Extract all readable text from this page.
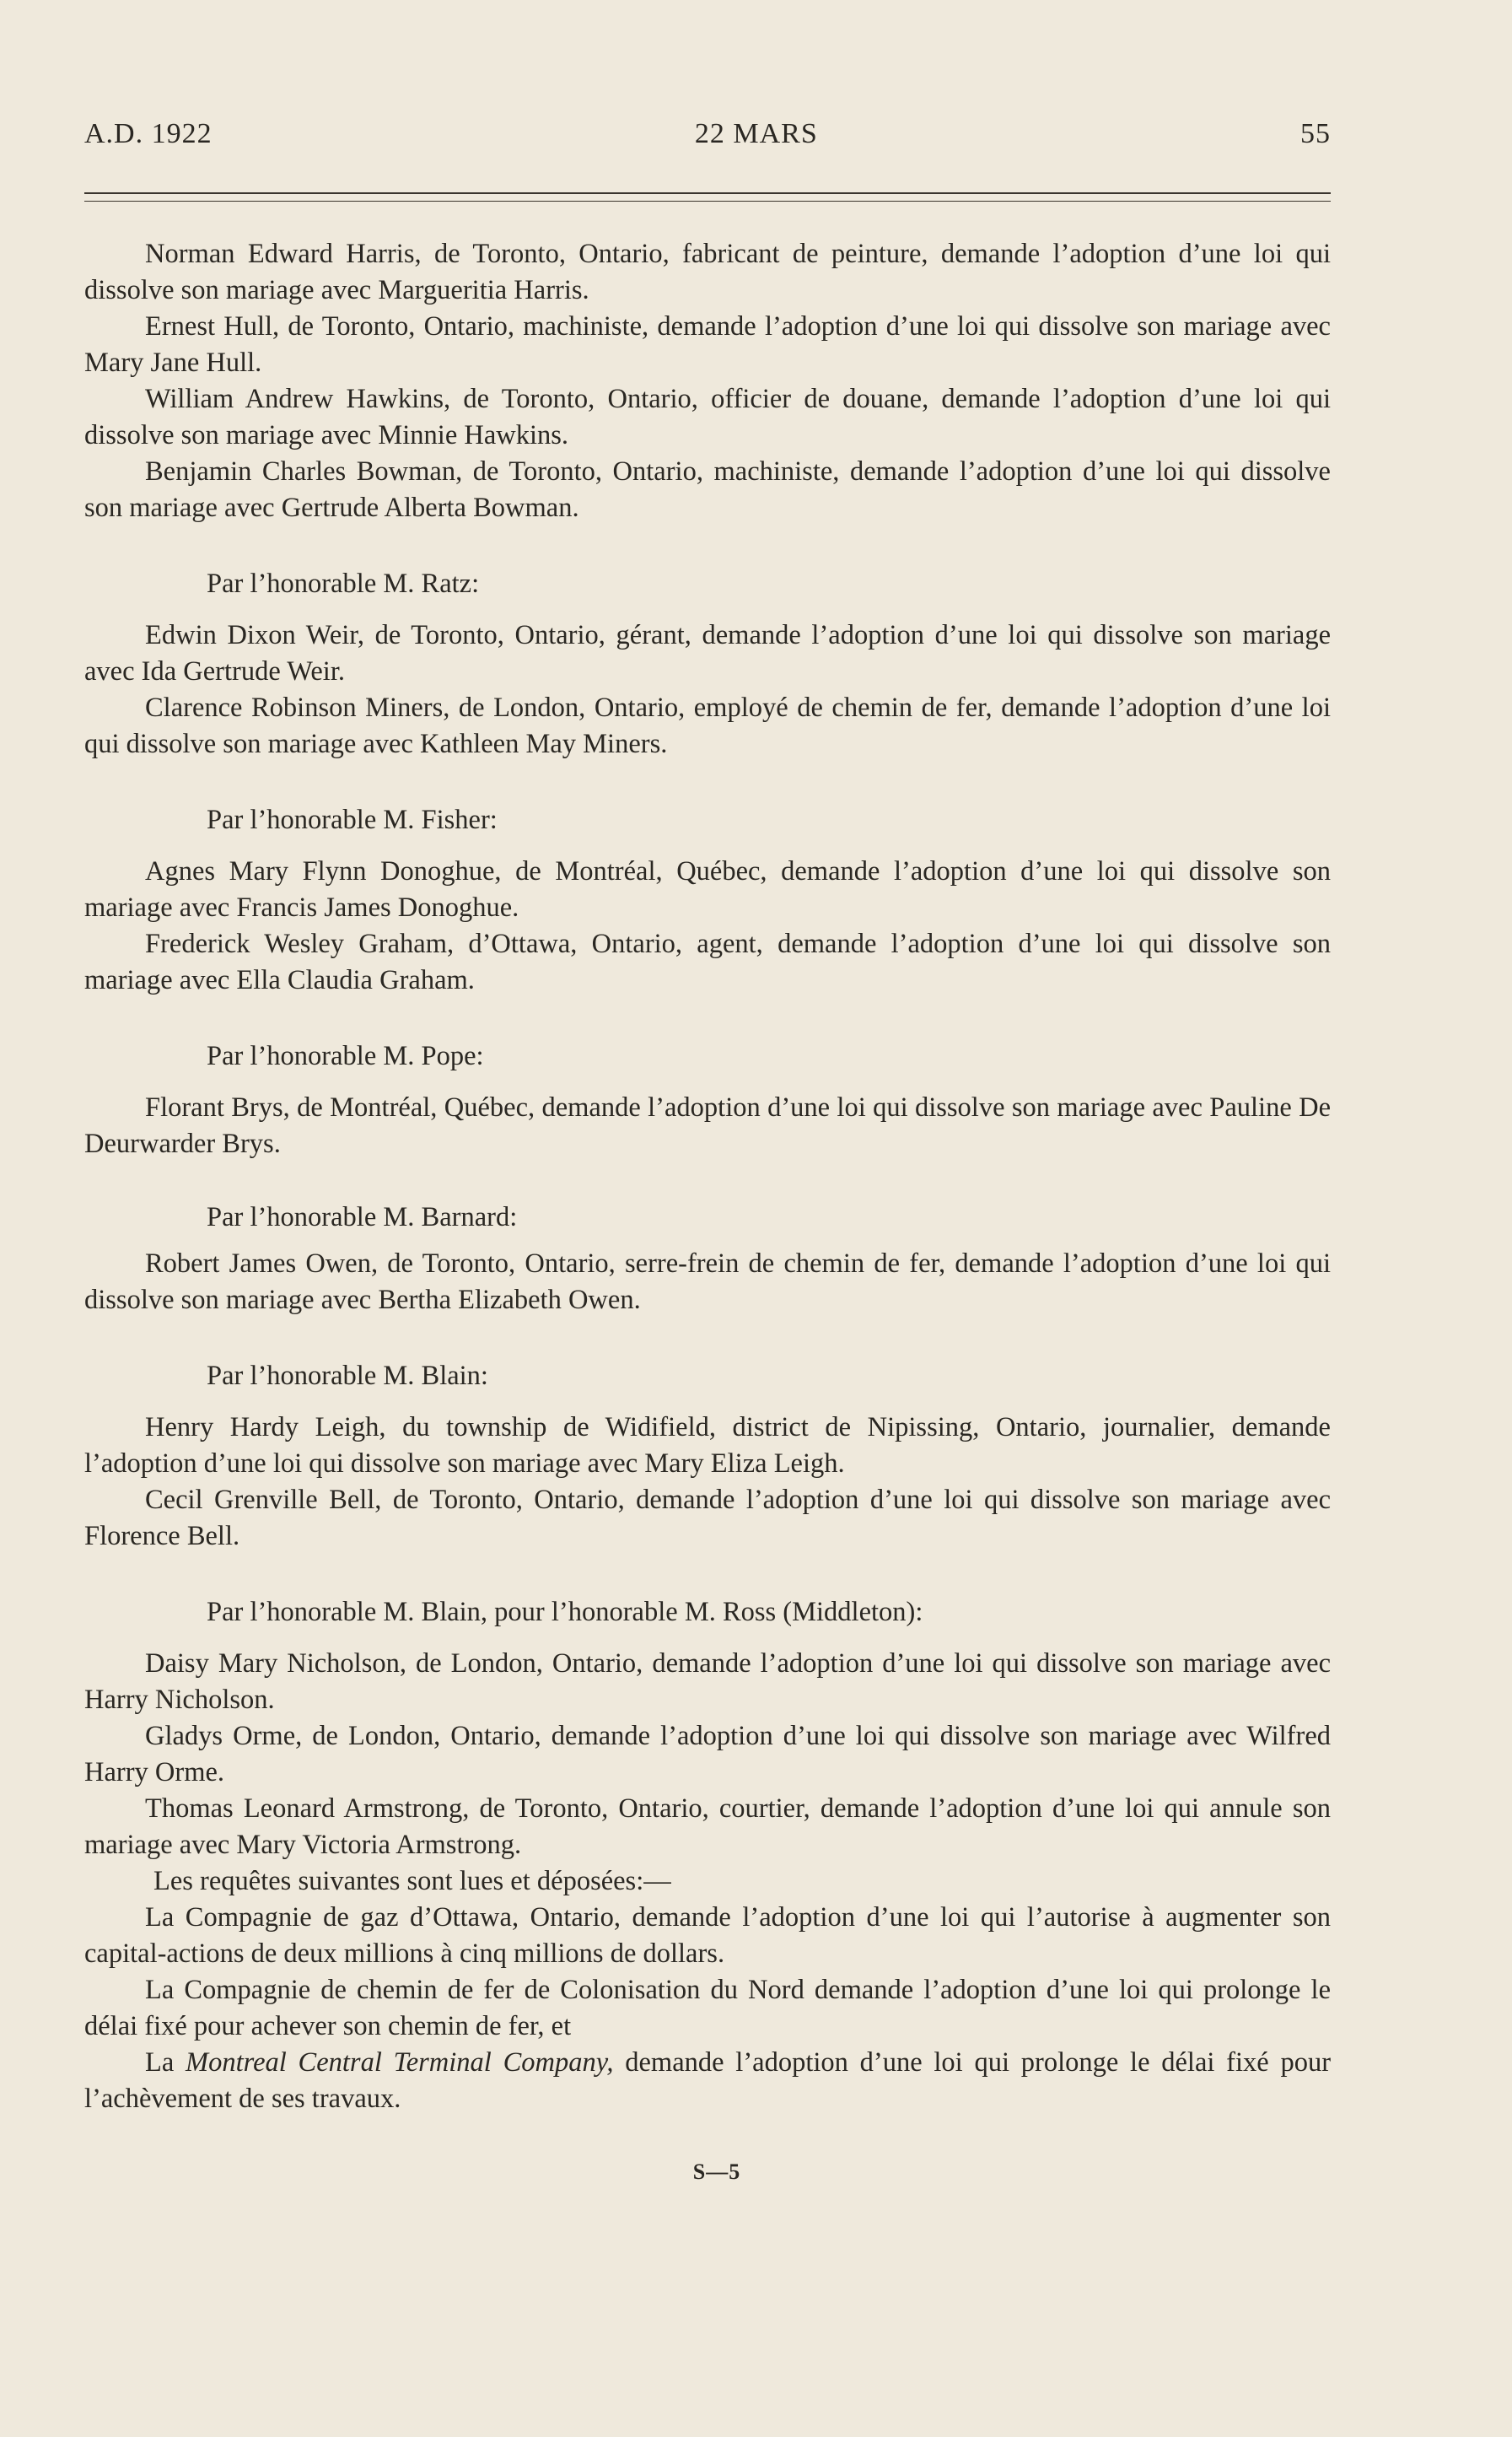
A.D. 1922	22 MARS	55

Norman Edward Harris, de Toronto, Ontario, fabricant de peinture, demande l’adoption d’une loi qui dissolve son mariage avec Margueritia Harris.

Ernest Hull, de Toronto, Ontario, machiniste, demande l’adoption d’une loi qui dissolve son mariage avec Mary Jane Hull.

William Andrew Hawkins, de Toronto, Ontario, officier de douane, demande l’adoption d’une loi qui dissolve son mariage avec Minnie Hawkins.

Benjamin Charles Bowman, de Toronto, Ontario, machiniste, demande l’adoption d’une loi qui dissolve son mariage avec Gertrude Alberta Bowman.

Par l’honorable M. Ratz:

Edwin Dixon Weir, de Toronto, Ontario, gérant, demande l’adoption d’une loi qui dissolve son mariage avec Ida Gertrude Weir.

Clarence Robinson Miners, de London, Ontario, employé de chemin de fer, demande l’adoption d’une loi qui dissolve son mariage avec Kathleen May Miners.

Par l’honorable M. Fisher:

Agnes Mary Flynn Donoghue, de Montréal, Québec, demande l’adoption d’une loi qui dissolve son mariage avec Francis James Donoghue.

Frederick Wesley Graham, d’Ottawa, Ontario, agent, demande l’adoption d’une loi qui dissolve son mariage avec Ella Claudia Graham.

Par l’honorable M. Pope:

Florant Brys, de Montréal, Québec, demande l’adoption d’une loi qui dissolve son mariage avec Pauline De Deurwarder Brys.

Par l’honorable M. Barnard:

Robert James Owen, de Toronto, Ontario, serre-frein de chemin de fer, demande l’adoption d’une loi qui dissolve son mariage avec Bertha Elizabeth Owen.

Par l’honorable M. Blain:

Henry Hardy Leigh, du township de Widifield, district de Nipissing, Ontario, journalier, demande l’adoption d’une loi qui dissolve son mariage avec Mary Eliza Leigh.

Cecil Grenville Bell, de Toronto, Ontario, demande l’adoption d’une loi qui dissolve son mariage avec Florence Bell.

Par l’honorable M. Blain, pour l’honorable M. Ross (Middleton):

Daisy Mary Nicholson, de London, Ontario, demande l’adoption d’une loi qui dissolve son mariage avec Harry Nicholson.

Gladys Orme, de London, Ontario, demande l’adoption d’une loi qui dissolve son mariage avec Wilfred Harry Orme.

Thomas Leonard Armstrong, de Toronto, Ontario, courtier, demande l’adoption d’une loi qui annule son mariage avec Mary Victoria Armstrong.

Les requêtes suivantes sont lues et déposées:—

La Compagnie de gaz d’Ottawa, Ontario, demande l’adoption d’une loi qui l’autorise à augmenter son capital-actions de deux millions à cinq millions de dollars.

La Compagnie de chemin de fer de Colonisation du Nord demande l’adoption d’une loi qui prolonge le délai fixé pour achever son chemin de fer, et

La Montreal Central Terminal Company, demande l’adoption d’une loi qui prolonge le délai fixé pour l’achèvement de ses travaux.

S—5
